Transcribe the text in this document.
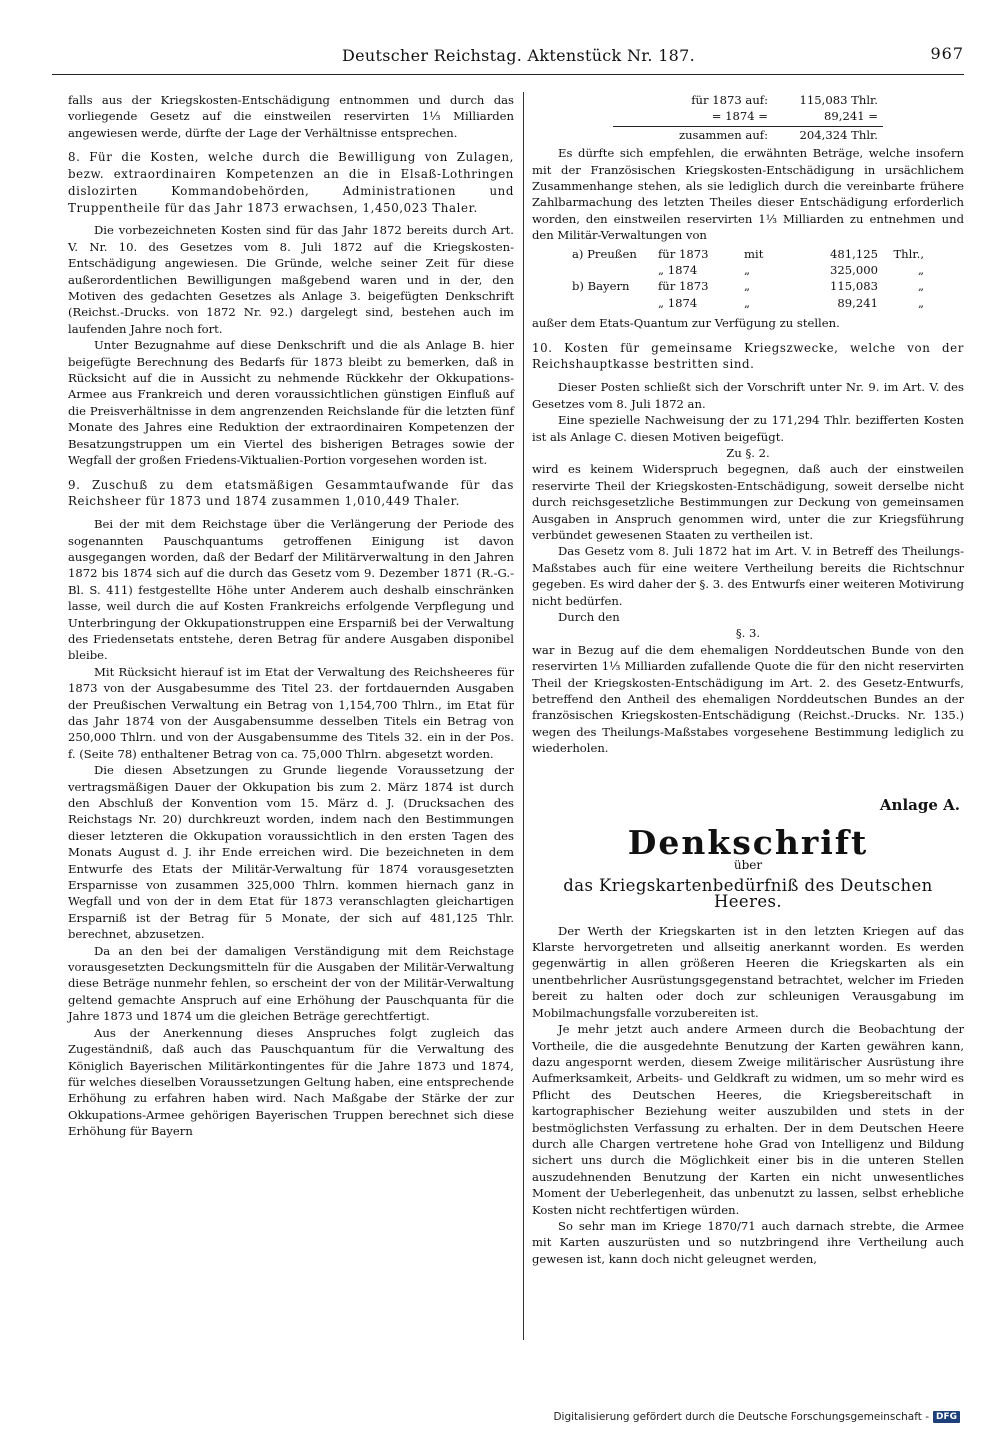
Deutscher Reichstag. Aktenstück Nr. 187.	967

falls aus der Kriegskosten-Entschädigung entnommen und durch das vorliegende Gesetz auf die einstweilen reservirten 1⅓ Milliarden angewiesen werde, dürfte der Lage der Verhältnisse entsprechen.

8. Für die Kosten, welche durch die Bewilligung von Zulagen, bezw. extraordinairen Kompetenzen an die in Elsaß-Lothringen dislozirten Kommandobehörden, Administrationen und Truppentheile für das Jahr 1873 erwachsen, 1,450,023 Thaler.

Die vorbezeichneten Kosten sind für das Jahr 1872 bereits durch Art. V. Nr. 10. des Gesetzes vom 8. Juli 1872 auf die Kriegskosten-Entschädigung angewiesen. Die Gründe, welche seiner Zeit für diese außerordentlichen Bewilligungen maßgebend waren und in der, den Motiven des gedachten Gesetzes als Anlage 3. beigefügten Denkschrift (Reichst.-Drucks. von 1872 Nr. 92.) dargelegt sind, bestehen auch im laufenden Jahre noch fort.

Unter Bezugnahme auf diese Denkschrift und die als Anlage B. hier beigefügte Berechnung des Bedarfs für 1873 bleibt zu bemerken, daß in Rücksicht auf die in Aussicht zu nehmende Rückkehr der Okkupations-Armee aus Frankreich und deren voraussichtlichen günstigen Einfluß auf die Preisverhältnisse in dem angrenzenden Reichslande für die letzten fünf Monate des Jahres eine Reduktion der extraordinairen Kompetenzen der Besatzungstruppen um ein Viertel des bisherigen Betrages sowie der Wegfall der großen Friedens-Viktualien-Portion vorgesehen worden ist.

9. Zuschuß zu dem etatsmäßigen Gesammtaufwande für das Reichsheer für 1873 und 1874 zusammen 1,010,449 Thaler.

Bei der mit dem Reichstage über die Verlängerung der Periode des sogenannten Pauschquantums getroffenen Einigung ist davon ausgegangen worden, daß der Bedarf der Militärverwaltung in den Jahren 1872 bis 1874 sich auf die durch das Gesetz vom 9. Dezember 1871 (R.-G.-Bl. S. 411) festgestellte Höhe unter Anderem auch deshalb einschränken lasse, weil durch die auf Kosten Frankreichs erfolgende Verpflegung und Unterbringung der Okkupationstruppen eine Ersparniß bei der Verwaltung des Friedensetats entstehe, deren Betrag für andere Ausgaben disponibel bleibe.

Mit Rücksicht hierauf ist im Etat der Verwaltung des Reichsheeres für 1873 von der Ausgabesumme des Titel 23. der fortdauernden Ausgaben der Preußischen Verwaltung ein Betrag von 1,154,700 Thlrn., im Etat für das Jahr 1874 von der Ausgabensumme desselben Titels ein Betrag von 250,000 Thlrn. und von der Ausgabensumme des Titels 32. ein in der Pos. f. (Seite 78) enthaltener Betrag von ca. 75,000 Thlrn. abgesetzt worden.

Die diesen Absetzungen zu Grunde liegende Voraussetzung der vertragsmäßigen Dauer der Okkupation bis zum 2. März 1874 ist durch den Abschluß der Konvention vom 15. März d. J. (Drucksachen des Reichstags Nr. 20) durchkreuzt worden, indem nach den Bestimmungen dieser letzteren die Okkupation voraussichtlich in den ersten Tagen des Monats August d. J. ihr Ende erreichen wird. Die bezeichneten in dem Entwurfe des Etats der Militär-Verwaltung für 1874 vorausgesetzten Ersparnisse von zusammen 325,000 Thlrn. kommen hiernach ganz in Wegfall und von der in dem Etat für 1873 veranschlagten gleichartigen Ersparniß ist der Betrag für 5 Monate, der sich auf 481,125 Thlr. berechnet, abzusetzen.

Da an den bei der damaligen Verständigung mit dem Reichstage vorausgesetzten Deckungsmitteln für die Ausgaben der Militär-Verwaltung diese Beträge nunmehr fehlen, so erscheint der von der Militär-Verwaltung geltend gemachte Anspruch auf eine Erhöhung der Pauschquanta für die Jahre 1873 und 1874 um die gleichen Beträge gerechtfertigt.

Aus der Anerkennung dieses Anspruches folgt zugleich das Zugeständniß, daß auch das Pauschquantum für die Verwaltung des Königlich Bayerischen Militärkontingentes für die Jahre 1873 und 1874, für welches dieselben Voraussetzungen Geltung haben, eine entsprechende Erhöhung zu erfahren haben wird. Nach Maßgabe der Stärke der zur Okkupations-Armee gehörigen Bayerischen Truppen berechnet sich diese Erhöhung für Bayern

für 1873 auf:	115,083 Thlr.
= 1874 =	89,241 =
zusammen auf:	204,324 Thlr.

Es dürfte sich empfehlen, die erwähnten Beträge, welche insofern mit der Französischen Kriegskosten-Entschädigung in ursächlichem Zusammenhange stehen, als sie lediglich durch die vereinbarte frühere Zahlbarmachung des letzten Theiles dieser Entschädigung erforderlich worden, den einstweilen reservirten 1⅓ Milliarden zu entnehmen und den Militär-Verwaltungen von

a) Preußen	für 1873	mit	481,125	Thlr.,
„ 1874	„	325,000	„
b) Bayern	für 1873	„	115,083	„
„ 1874	„	89,241	„

außer dem Etats-Quantum zur Verfügung zu stellen.

10. Kosten für gemeinsame Kriegszwecke, welche von der Reichshauptkasse bestritten sind.

Dieser Posten schließt sich der Vorschrift unter Nr. 9. im Art. V. des Gesetzes vom 8. Juli 1872 an.

Eine spezielle Nachweisung der zu 171,294 Thlr. bezifferten Kosten ist als Anlage C. diesen Motiven beigefügt.

Zu §. 2.

wird es keinem Widerspruch begegnen, daß auch der einstweilen reservirte Theil der Kriegskosten-Entschädigung, soweit derselbe nicht durch reichsgesetzliche Bestimmungen zur Deckung von gemeinsamen Ausgaben in Anspruch genommen wird, unter die zur Kriegsführung verbündet gewesenen Staaten zu vertheilen ist.

Das Gesetz vom 8. Juli 1872 hat im Art. V. in Betreff des Theilungs-Maßstabes auch für eine weitere Vertheilung bereits die Richtschnur gegeben. Es wird daher der §. 3. des Entwurfs einer weiteren Motivirung nicht bedürfen.

Durch den

§. 3.

war in Bezug auf die dem ehemaligen Norddeutschen Bunde von den reservirten 1⅓ Milliarden zufallende Quote die für den nicht reservirten Theil der Kriegskosten-Entschädigung im Art. 2. des Gesetz-Entwurfs, betreffend den Antheil des ehemaligen Norddeutschen Bundes an der französischen Kriegskosten-Entschädigung (Reichst.-Drucks. Nr. 135.) wegen des Theilungs-Maßstabes vorgesehene Bestimmung lediglich zu wiederholen.

Anlage A.

Denkschrift

über

das Kriegskartenbedürfniß des Deutschen Heeres.

Der Werth der Kriegskarten ist in den letzten Kriegen auf das Klarste hervorgetreten und allseitig anerkannt worden. Es werden gegenwärtig in allen größeren Heeren die Kriegskarten als ein unentbehrlicher Ausrüstungsgegenstand betrachtet, welcher im Frieden bereit zu halten oder doch zur schleunigen Verausgabung im Mobilmachungsfalle vorzubereiten ist.

Je mehr jetzt auch andere Armeen durch die Beobachtung der Vortheile, die die ausgedehnte Benutzung der Karten gewähren kann, dazu angespornt werden, diesem Zweige militärischer Ausrüstung ihre Aufmerksamkeit, Arbeits- und Geldkraft zu widmen, um so mehr wird es Pflicht des Deutschen Heeres, die Kriegsbereitschaft in kartographischer Beziehung weiter auszubilden und stets in der bestmöglichsten Verfassung zu erhalten. Der in dem Deutschen Heere durch alle Chargen vertretene hohe Grad von Intelligenz und Bildung sichert uns durch die Möglichkeit einer bis in die unteren Stellen auszudehnenden Benutzung der Karten ein nicht unwesentliches Moment der Ueberlegenheit, das unbenutzt zu lassen, selbst erhebliche Kosten nicht rechtfertigen würden.

So sehr man im Kriege 1870/71 auch darnach strebte, die Armee mit Karten auszurüsten und so nutzbringend ihre Vertheilung auch gewesen ist, kann doch nicht geleugnet werden,

Digitalisierung gefördert durch die Deutsche Forschungsgemeinschaft - DFG
